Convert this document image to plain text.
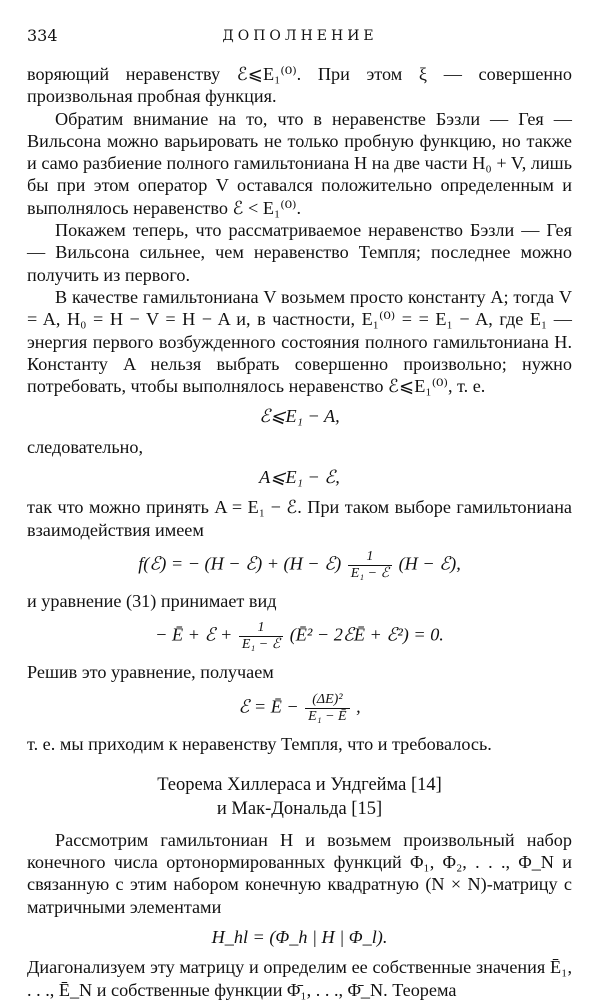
334	ДОПОЛНЕНИЕ

воряющий неравенству ℰ⩽E₁⁽⁰⁾. При этом ξ — совершенно произвольная пробная функция.

Обратим внимание на то, что в неравенстве Бэзли — Гея — Вильсона можно варьировать не только пробную функцию, но также и само разбиение полного гамильтониана H на две части H₀ + V, лишь бы при этом оператор V оставался положительно определенным и выполнялось неравенство ℰ < E₁⁽⁰⁾.

Покажем теперь, что рассматриваемое неравенство Бэзли — Гея — Вильсона сильнее, чем неравенство Темпля; последнее можно получить из первого.

В качестве гамильтониана V возьмем просто константу A; тогда V = A, H₀ = H − V = H − A и, в частности, E₁⁽⁰⁾ = = E₁ − A, где E₁ — энергия первого возбужденного состояния полного гамильтониана H. Константу A нельзя выбрать совершенно произвольно; нужно потребовать, чтобы выполнялось неравенство ℰ⩽E₁⁽⁰⁾, т. е.

ℰ⩽E₁ − A,

следовательно,

A⩽E₁ − ℰ,

так что можно принять A = E₁ − ℰ. При таком выборе гамильтониана взаимодействия имеем

f(ℰ) = − (H − ℰ) + (H − ℰ) $\frac{1}{\text{E₁ − ℰ}} (H$ − ℰ),

и уравнение (31) принимает вид

− Ē + ℰ + $\frac{1}{\text{E₁ − ℰ}}$ (Ē² − 2ℰĒ + ℰ²) = 0.

Решив это уравнение, получаем

ℰ = Ē − $\frac{\text{(ΔE)²}}{\text{E₁ − Ē}}$ ,

т. е. мы приходим к неравенству Темпля, что и требовалось.

Теорема Хиллераса и Ундгейма [14]
и Мак-Дональда [15]

Рассмотрим гамильтониан H и возьмем произвольный набор конечного числа ортонормированных функций Φ₁, Φ₂, . . ., Φ_N и связанную с этим набором конечную квадратную (N × N)-матрицу с матричными элементами

H_hl = (Φ_h | H | Φ_l).

Диагонализуем эту матрицу и определим ее собственные значения Ē₁, . . ., Ē_N и собственные функции Φ̄₁, . . ., Φ̄_N. Теорема
